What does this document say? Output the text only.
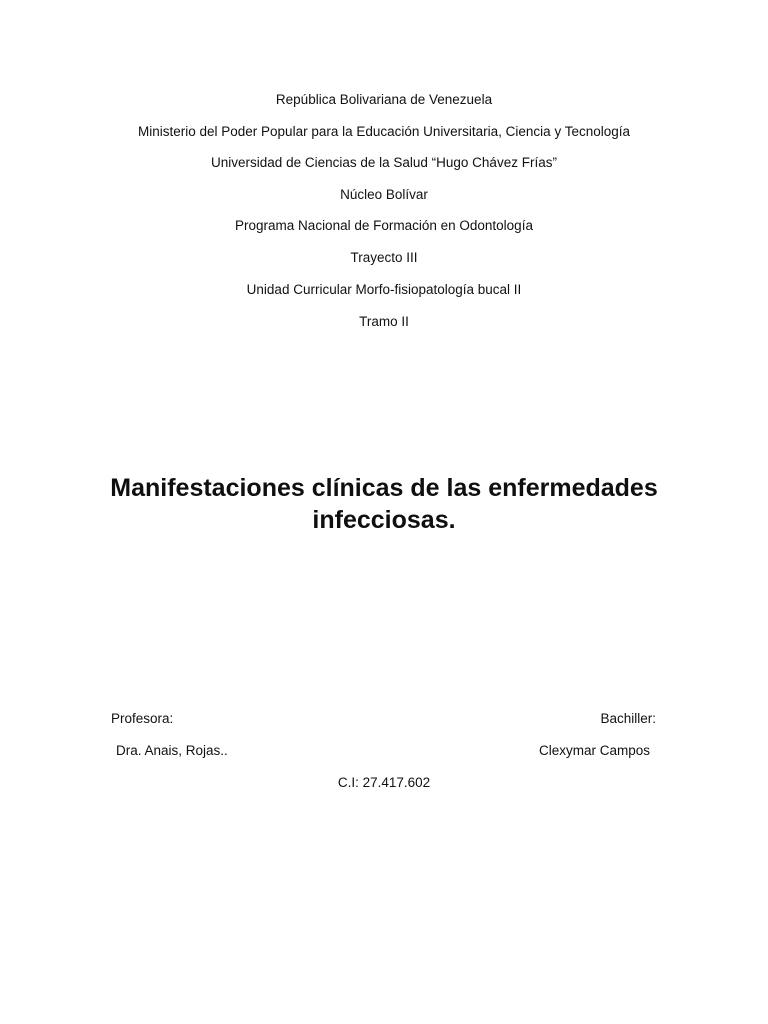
República Bolivariana de Venezuela
Ministerio del Poder Popular para la Educación Universitaria, Ciencia y Tecnología
Universidad de Ciencias de la Salud “Hugo Chávez Frías”
Núcleo Bolívar
Programa Nacional de Formación en Odontología
Trayecto III
Unidad Curricular Morfo-fisiopatología bucal II
Tramo II
Manifestaciones clínicas de las enfermedades infecciosas.
Profesora:	Bachiller:
Dra. Anais, Rojas..	Clexymar Campos
C.I: 27.417.602
